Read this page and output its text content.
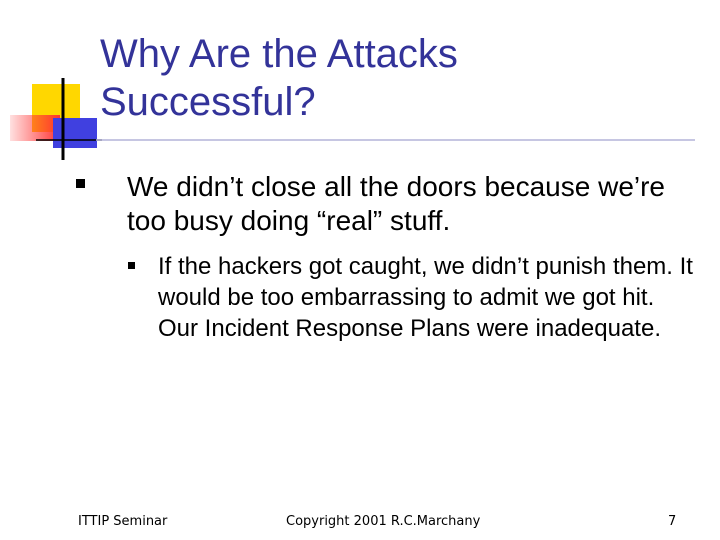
Why Are the Attacks Successful?
We didn’t close all the doors because we’re too busy doing “real” stuff.
If the hackers got caught, we didn’t punish them. It would be too embarrassing to admit we got hit. Our Incident Response Plans were inadequate.
ITTIP Seminar	Copyright 2001 R.C.Marchany	7
